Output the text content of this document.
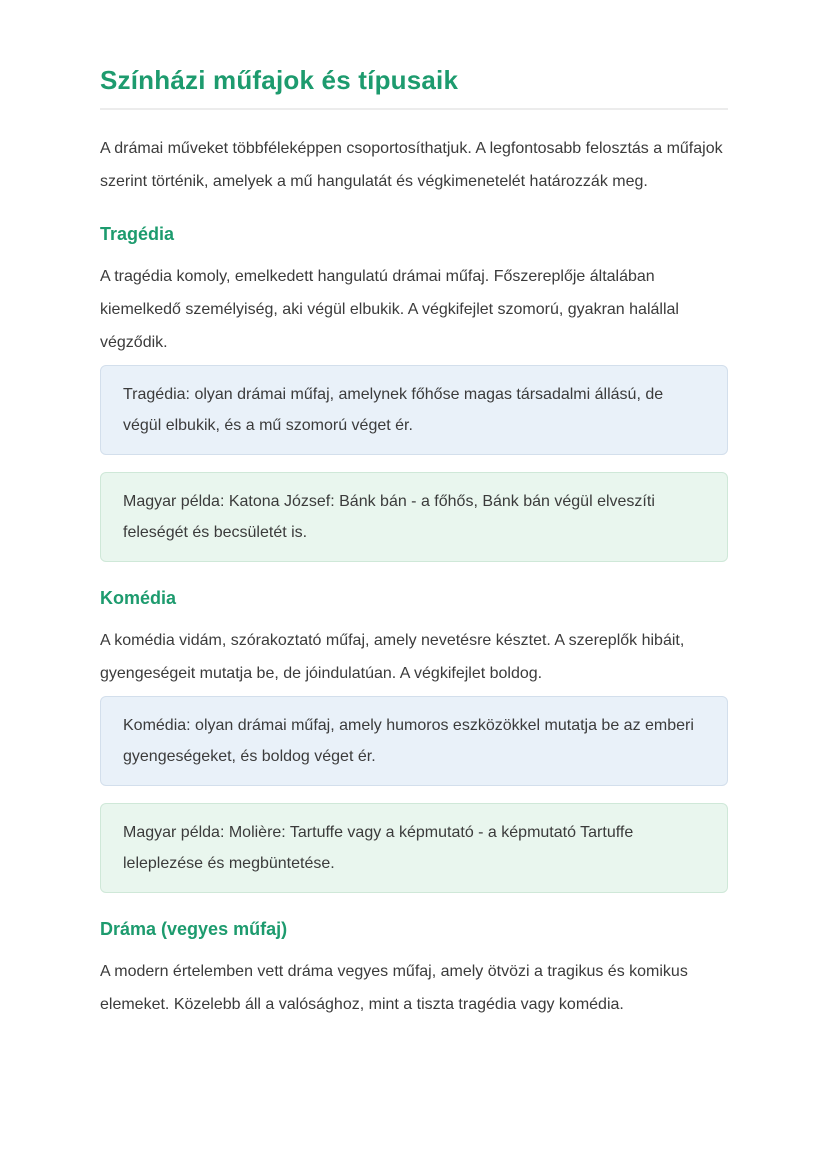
Színházi műfajok és típusaik

A drámai műveket többféleképpen csoportosíthatjuk. A legfontosabb felosztás a műfajok szerint történik, amelyek a mű hangulatát és végkimenetelét határozzák meg.

Tragédia

A tragédia komoly, emelkedett hangulatú drámai műfaj. Főszereplője általában kiemelkedő személyiség, aki végül elbukik. A végkifejlet szomorú, gyakran halállal végződik.

Tragédia: olyan drámai műfaj, amelynek főhőse magas társadalmi állású, de végül elbukik, és a mű szomorú véget ér.

Magyar példa: Katona József: Bánk bán - a főhős, Bánk bán végül elveszíti feleségét és becsületét is.

Komédia

A komédia vidám, szórakoztató műfaj, amely nevetésre késztet. A szereplők hibáit, gyengeségeit mutatja be, de jóindulatúan. A végkifejlet boldog.

Komédia: olyan drámai műfaj, amely humoros eszközökkel mutatja be az emberi gyengeségeket, és boldog véget ér.

Magyar példa: Molière: Tartuffe vagy a képmutató - a képmutató Tartuffe leleplezése és megbüntetése.

Dráma (vegyes műfaj)

A modern értelemben vett dráma vegyes műfaj, amely ötvözi a tragikus és komikus elemeket. Közelebb áll a valósághoz, mint a tiszta tragédia vagy komédia.
